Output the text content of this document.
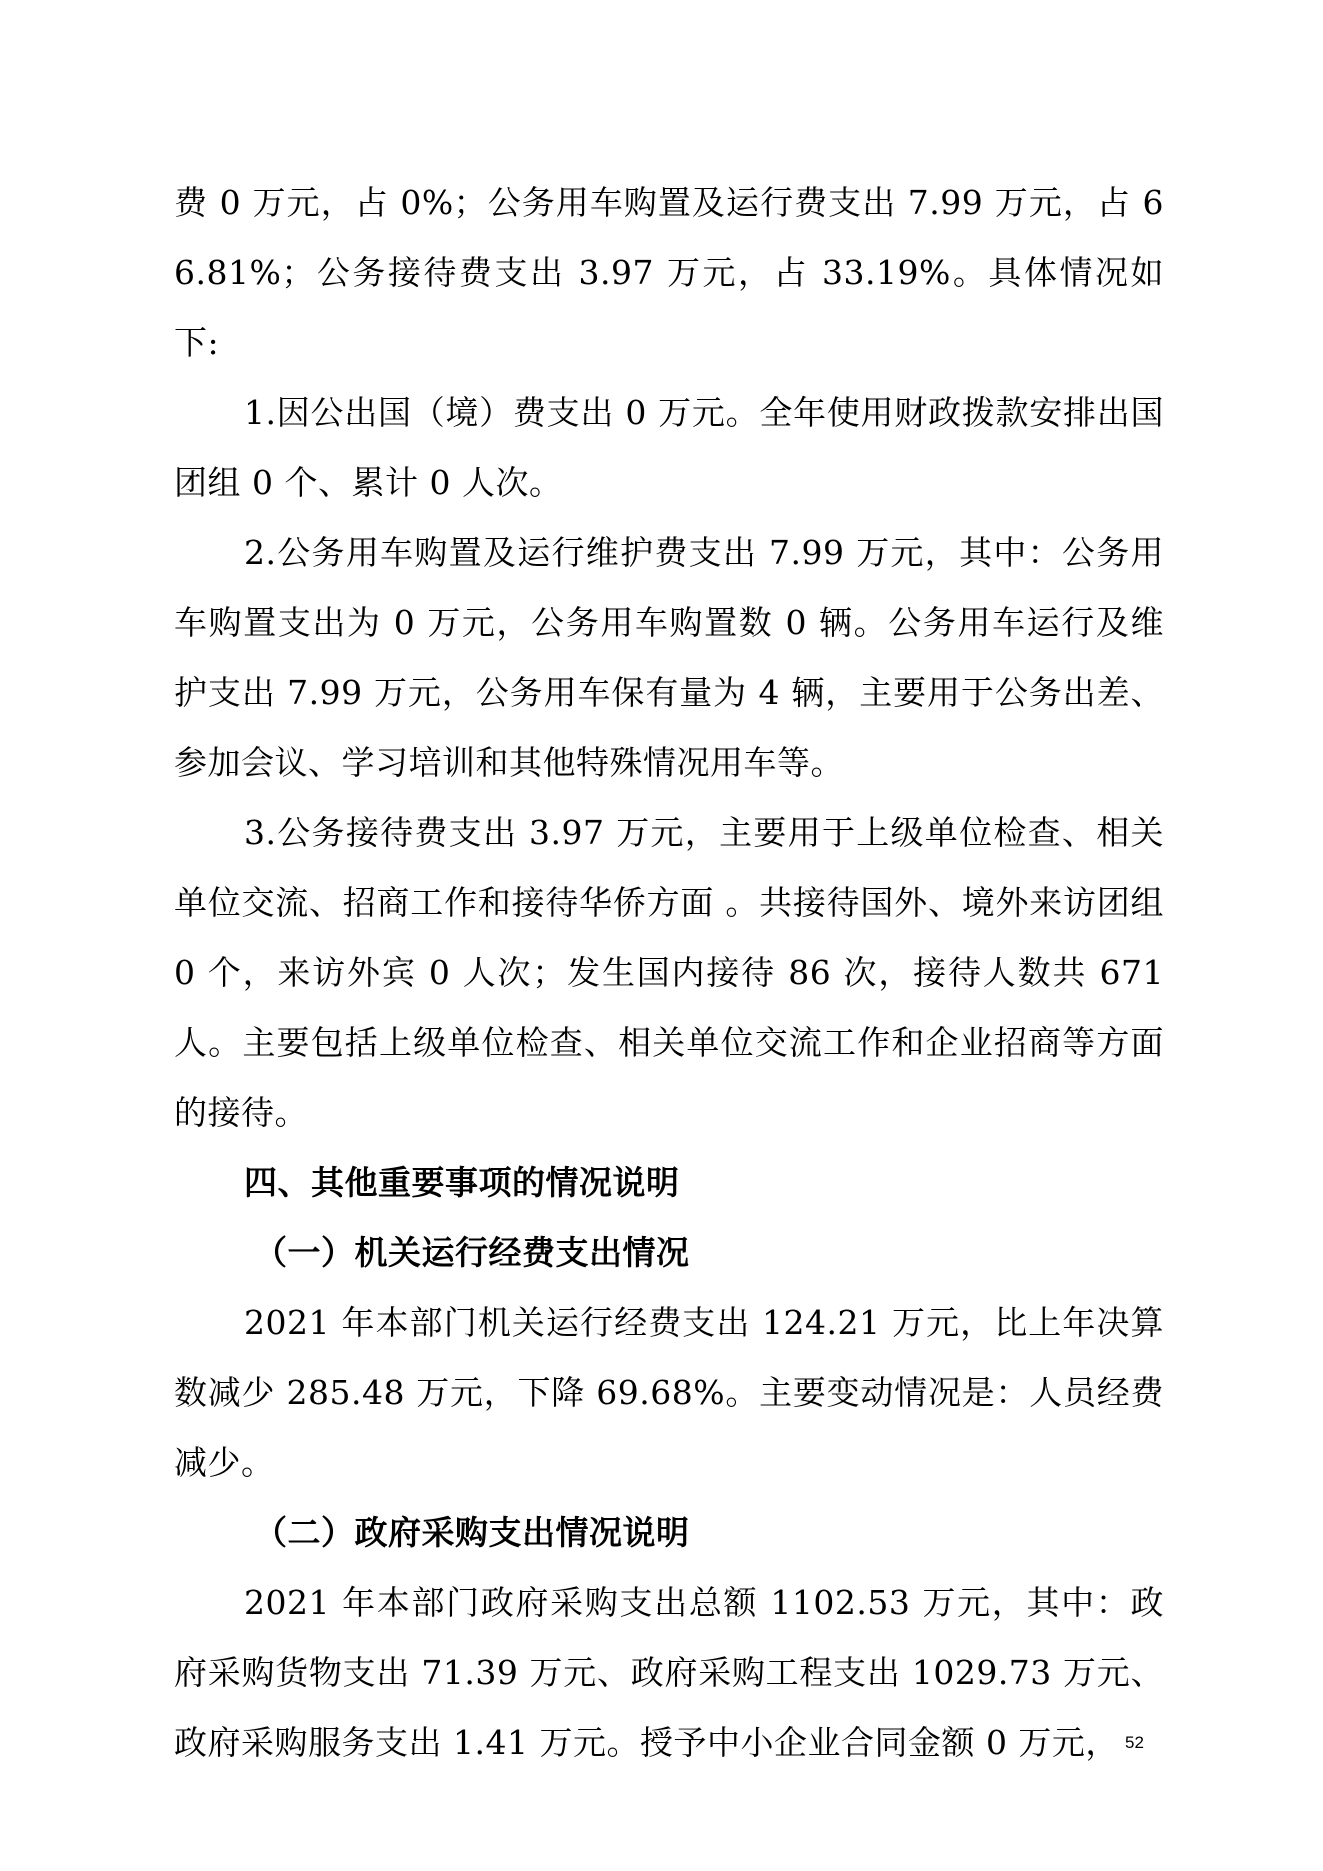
费 0 万元，占 0%；公务用车购置及运行费支出 7.99 万元，占 66.81%；公务接待费支出 3.97 万元，占 33.19%。具体情况如下:

1.因公出国（境）费支出 0 万元。全年使用财政拨款安排出国团组 0 个、累计 0 人次。

2.公务用车购置及运行维护费支出 7.99 万元，其中：公务用车购置支出为 0 万元，公务用车购置数 0 辆。公务用车运行及维护支出 7.99 万元，公务用车保有量为 4 辆，主要用于公务出差、参加会议、学习培训和其他特殊情况用车等。

3.公务接待费支出 3.97 万元，主要用于上级单位检查、相关单位交流、招商工作和接待华侨方面 。共接待国外、境外来访团组 0 个，来访外宾 0 人次；发生国内接待 86 次，接待人数共 671 人。主要包括上级单位检查、相关单位交流工作和企业招商等方面的接待。

四、其他重要事项的情况说明

（一）机关运行经费支出情况

2021 年本部门机关运行经费支出 124.21 万元，比上年决算数减少 285.48 万元，下降 69.68%。主要变动情况是：人员经费减少。

（二）政府采购支出情况说明

2021 年本部门政府采购支出总额 1102.53 万元，其中：政府采购货物支出 71.39 万元、政府采购工程支出 1029.73 万元、政府采购服务支出 1.41 万元。授予中小企业合同金额 0 万元， 52
